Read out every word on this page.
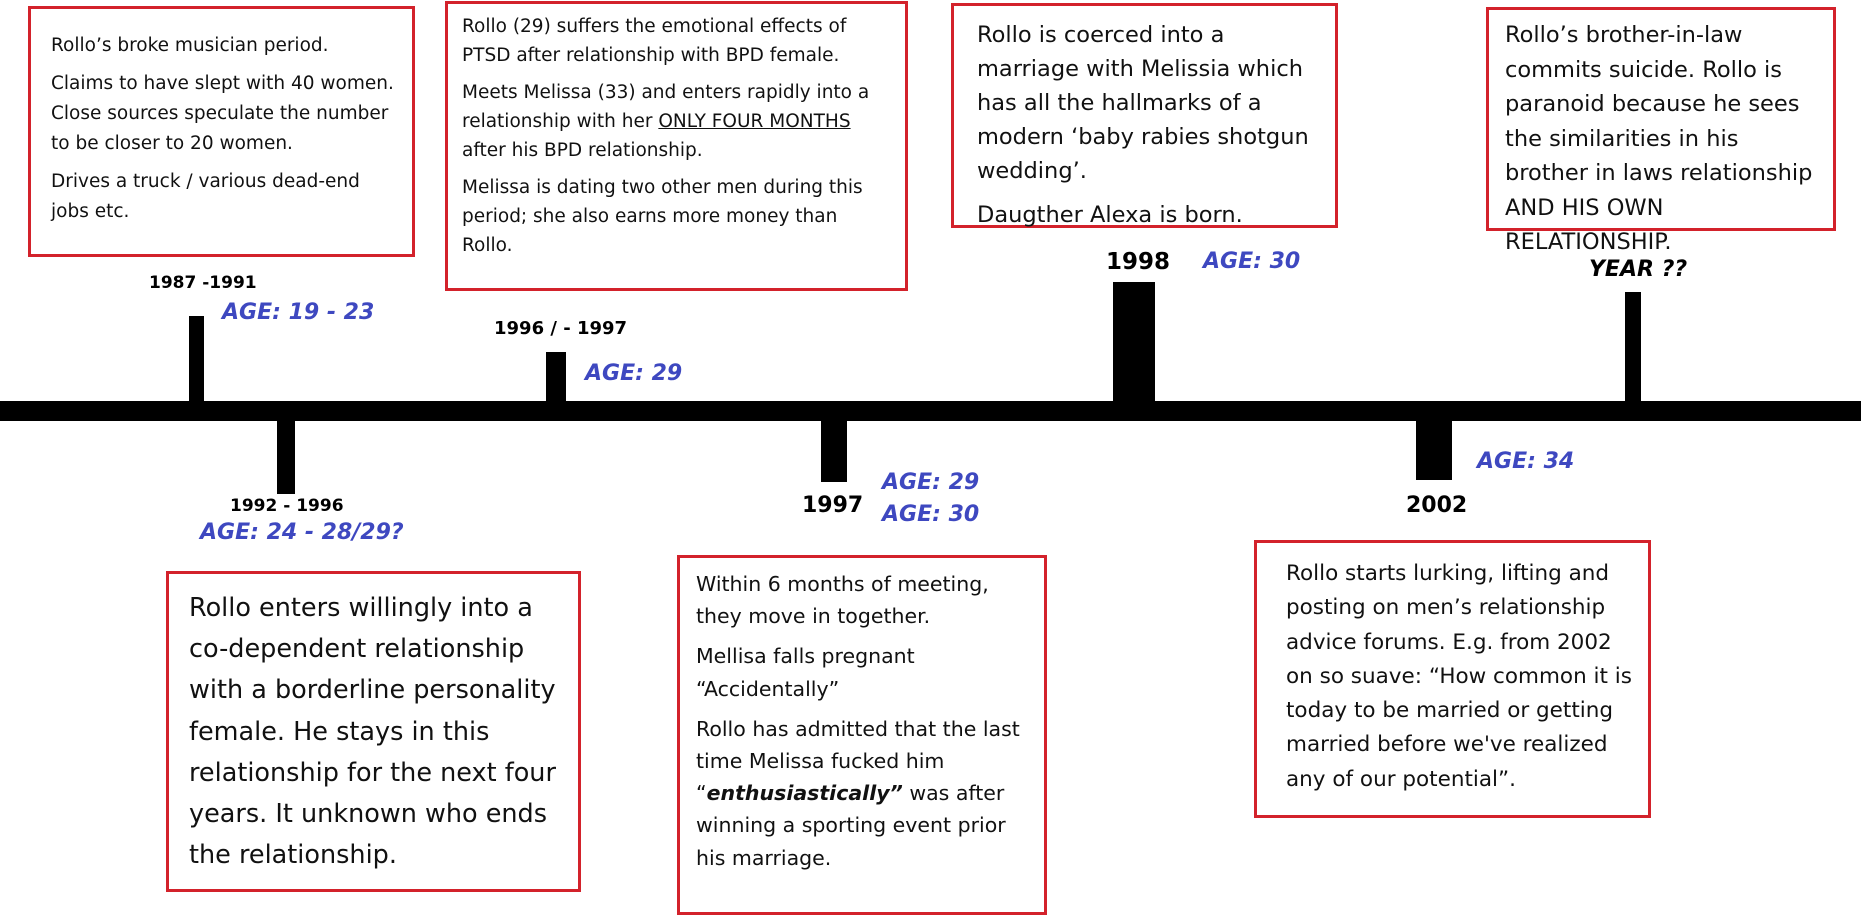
1987 -1991
1992 - 1996
1996 / - 1997
1997
1998
2002
YEAR ??
AGE: 19 - 23
AGE: 24 - 28/29?
AGE: 29
AGE: 29
AGE: 30
AGE: 30
AGE: 34

Rollo’s broke musician period.

Claims to have slept with 40 women. Close sources speculate the number to be closer to 20 women.

Drives a truck / various dead-end jobs etc.

Rollo (29) suffers the emotional effects of PTSD after relationship with BPD female.

Meets Melissa (33) and enters rapidly into a relationship with her ONLY FOUR MONTHS after his BPD relationship.

Melissa is dating two other men during this period; she also earns more money than Rollo.

Rollo is coerced into a marriage with Melissia which has all the hallmarks of a modern ‘baby rabies shotgun wedding’.

Daugther Alexa is born.

Rollo’s brother-in-law commits suicide. Rollo is paranoid because he sees the similarities in his brother in laws relationship AND HIS OWN RELATIONSHIP.

Rollo enters willingly into a co-dependent relationship with a borderline personality female. He stays in this relationship for the next four years. It unknown who ends the relationship.

Within 6 months of meeting, they move in together.

Mellisa falls pregnant “Accidentally”

Rollo has admitted that the last time Melissa fucked him “enthusiastically” was after winning a sporting event prior his marriage.

Rollo starts lurking, lifting and posting on men’s relationship advice forums. E.g. from 2002 on so suave: “How common it is today to be married or getting married before we've realized any of our potential”.
